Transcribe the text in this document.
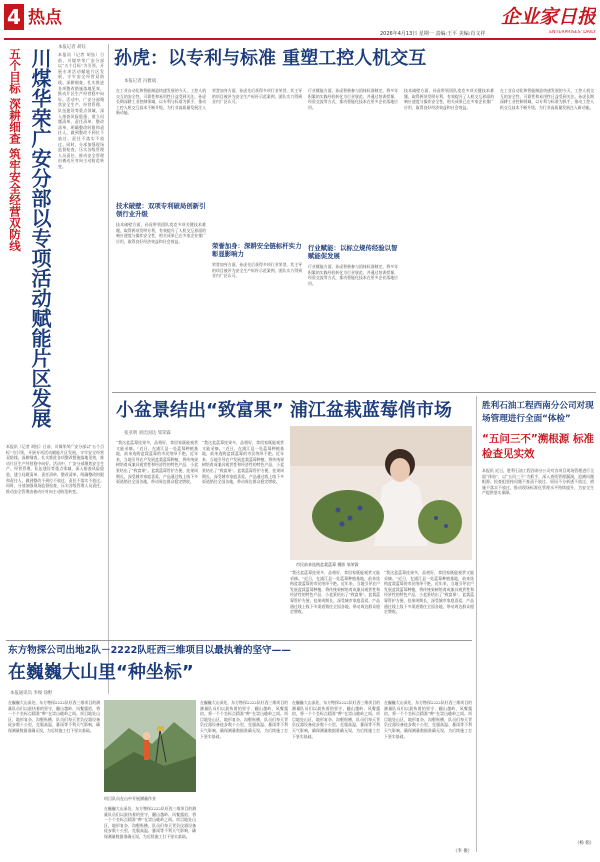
4 热点	企业家日报
2026年4月13日 星期一 责编:王平 美编:肖文祥	ENTERPRISES' DAILY
本报记者 胡钰
本报讯（记者 胡钰）日前，川煤华荣广安分部以“五个目标”为引领，开展专项活动赋能片区发展，守牢安全经营双防线。深耕细查，扎实推进各项整改措施落地见效，推动片区生产经营稳中向好。活动中，广安分部聚焦安全生产、经营管理、队伍建设等重点领域，深入排查风险隐患，建立问题清单、责任清单、整改清单，明确整改时限和责任人，做到整改不到位不放过、责任不落实不放过。同时，分部加强现场监督检查，压实各级管理人员责任，推动安全管理由被动应对向主动防范转变。
川煤华荣广安分部以专项活动赋能片区发展
五个目标 深耕细查 筑牢安全经营双防线
本报讯（记者 胡钰）日前，川煤华荣广安分部以“五个目标”为引领，开展专项活动赋能片区发展，守牢安全经营双防线。深耕细查，扎实推进各项整改措施落地见效，推动片区生产经营稳中向好。活动中，广安分部聚焦安全生产、经营管理、队伍建设等重点领域，深入排查风险隐患，建立问题清单、责任清单、整改清单，明确整改时限和责任人，做到整改不到位不放过、责任不落实不放过。同时，分部加强现场监督检查，压实各级管理人员责任，推动安全管理由被动应对向主动防范转变。
孙虎：以专利与标准 重塑工控人机交互
本报记者 冯雅斌
在工业自动化和智能制造快速发展的今天，工控人机交互的安全性、可靠性和易用性日益受到关注。孙虎长期深耕工业控制领域，以专利与标准为抓手，推动工控人机交互技术不断升级，为行业高质量发展注入新动能。
技术破壁：双项专利破局创新引领行业升级
技术破壁方面，孙虎带领团队攻克多项关键技术难题，取得两项发明专利，有效提升了人机交互界面的响应速度与操作安全性，相关成果已在多家企业推广应用，取得良好经济效益和社会效益。
荣誉加身方面，孙虎先后获得多项行业荣誉，其主导的项目被评为安全生产标杆示范案例，团队实力得到业内广泛认可。
荣誉加身：深耕安全链标杆实力彰显影响力
荣誉加身方面，孙虎先后获得多项行业荣誉，其主导的项目被评为安全生产标杆示范案例，团队实力得到业内广泛认可。
行业赋能方面，孙虎积极参与团体标准制定，将多年积累的实践经验转化为行业规范，并通过培训授课、经验交流等方式，推动智能化技术在更多企业落地应用。
行业赋能：以标立规传经验以智赋能促发展
行业赋能方面，孙虎积极参与团体标准制定，将多年积累的实践经验转化为行业规范，并通过培训授课、经验交流等方式，推动智能化技术在更多企业落地应用。
技术破壁方面，孙虎带领团队攻克多项关键技术难题，取得两项发明专利，有效提升了人机交互界面的响应速度与操作安全性，相关成果已在多家企业推广应用，取得良好经济效益和社会效益。
在工业自动化和智能制造快速发展的今天，工控人机交互的安全性、可靠性和易用性日益受到关注。孙虎长期深耕工业控制领域，以专利与标准为抓手，推动工控人机交互技术不断升级，为行业高质量发展注入新动能。
小盆景结出“致富果” 浦江盆栽蓝莓俏市场
张亚明 刘氏国达 邹荣霖
“我这盆蓝莓挂果多，品相好，拿回家既能观赏又能采摘。”近日，在浦江县一处蓝莓种植基地，前来选购盆栽蓝莓的市民络绎不绝。近年来，当地引导农户发展盆栽蓝莓种植，将传统果树培育成兼具观赏性和经济性的特色产品，小盆景结出了“致富果”。盆栽蓝莓管护方便、挂果周期长，深受城市家庭喜爱，产品通过线上线下多渠道销往全国各地，带动周边群众稳定增收。
“我这盆蓝莓挂果多，品相好，拿回家既能观赏又能采摘。”近日，在浦江县一处蓝莓种植基地，前来选购盆栽蓝莓的市民络绎不绝。近年来，当地引导农户发展盆栽蓝莓种植，将传统果树培育成兼具观赏性和经济性的特色产品，小盆景结出了“致富果”。盆栽蓝莓管护方便、挂果周期长，深受城市家庭喜爱，产品通过线上线下多渠道销往全国各地，带动周边群众稳定增收。
市民前来选购盆栽蓝莓 摄影 邹荣霖
“我这盆蓝莓挂果多，品相好，拿回家既能观赏又能采摘。”近日，在浦江县一处蓝莓种植基地，前来选购盆栽蓝莓的市民络绎不绝。近年来，当地引导农户发展盆栽蓝莓种植，将传统果树培育成兼具观赏性和经济性的特色产品，小盆景结出了“致富果”。盆栽蓝莓管护方便、挂果周期长，深受城市家庭喜爱，产品通过线上线下多渠道销往全国各地，带动周边群众稳定增收。
“我这盆蓝莓挂果多，品相好，拿回家既能观赏又能采摘。”近日，在浦江县一处蓝莓种植基地，前来选购盆栽蓝莓的市民络绎不绝。近年来，当地引导农户发展盆栽蓝莓种植，将传统果树培育成兼具观赏性和经济性的特色产品，小盆景结出了“致富果”。盆栽蓝莓管护方便、挂果周期长，深受城市家庭喜爱，产品通过线上线下多渠道销往全国各地，带动周边群众稳定增收。
胜利石油工程西南分公司对现场管理进行全面“体检”
“五问三不”溯根源 标准检查见实效
本报讯 近日，胜利石油工程西南分公司对各项目现场管理进行全面“体检”，以“五问三不”为抓手，深入查找管理漏洞，追溯问题根源。检查组坚持问题不查清不放过、原因不分析透不放过、措施不落实不放过，推动现场标准化管理水平持续提升，为安全生产提供坚实保障。
（杨 娟）
东方物探公司出地2队－2222队旺西三维项目以最执着的坚守——
在巍巍大山里“种坐标”
本报通讯员 李俊 徐野
在巍巍大山深处，东方物探2222队旺西三维项目的测量队员们以最执着的坚守，翻山越岭、风餐露宿，将一个个坐标点精准“种”在崇山峻岭之间。项目地处山区，地形复杂、沟壑纵横，队员们每天背负仪器设备徒步数十公里，克服高温、暴雨等不利天气影响，确保测量数据准确无误，为后续施工打下坚实基础。
项目队员在山中开展测量作业
在巍巍大山深处，东方物探2222队旺西三维项目的测量队员们以最执着的坚守，翻山越岭、风餐露宿，将一个个坐标点精准“种”在崇山峻岭之间。项目地处山区，地形复杂、沟壑纵横，队员们每天背负仪器设备徒步数十公里，克服高温、暴雨等不利天气影响，确保测量数据准确无误，为后续施工打下坚实基础。
在巍巍大山深处，东方物探2222队旺西三维项目的测量队员们以最执着的坚守，翻山越岭、风餐露宿，将一个个坐标点精准“种”在崇山峻岭之间。项目地处山区，地形复杂、沟壑纵横，队员们每天背负仪器设备徒步数十公里，克服高温、暴雨等不利天气影响，确保测量数据准确无误，为后续施工打下坚实基础。
在巍巍大山深处，东方物探2222队旺西三维项目的测量队员们以最执着的坚守，翻山越岭、风餐露宿，将一个个坐标点精准“种”在崇山峻岭之间。项目地处山区，地形复杂、沟壑纵横，队员们每天背负仪器设备徒步数十公里，克服高温、暴雨等不利天气影响，确保测量数据准确无误，为后续施工打下坚实基础。
在巍巍大山深处，东方物探2222队旺西三维项目的测量队员们以最执着的坚守，翻山越岭、风餐露宿，将一个个坐标点精准“种”在崇山峻岭之间。项目地处山区，地形复杂、沟壑纵横，队员们每天背负仪器设备徒步数十公里，克服高温、暴雨等不利天气影响，确保测量数据准确无误，为后续施工打下坚实基础。
（李 俊）
